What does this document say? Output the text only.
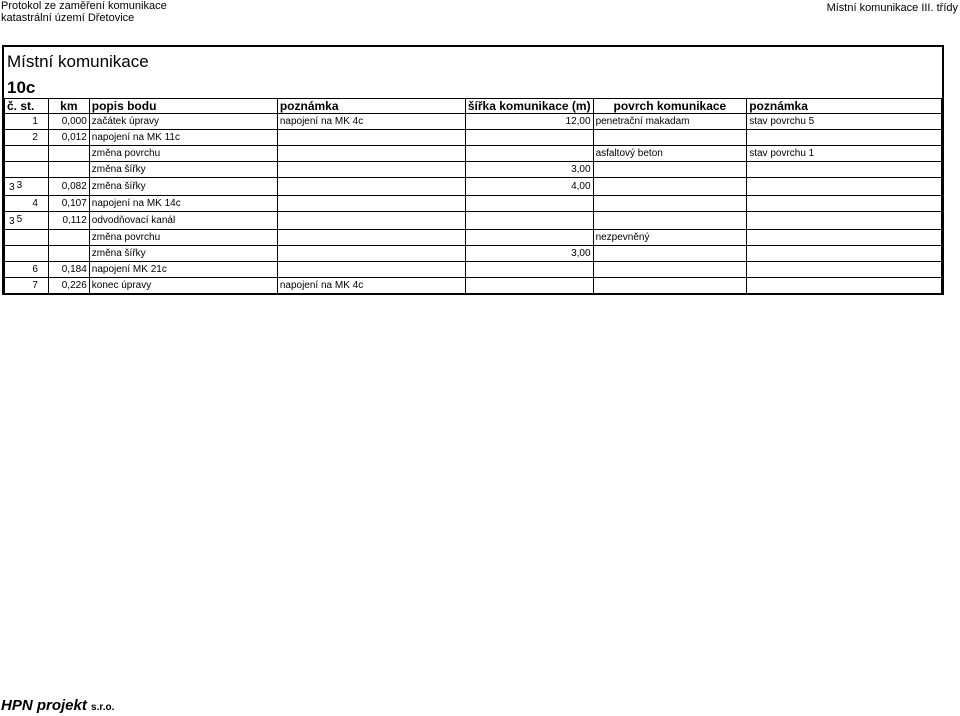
Protokol ze zaměření komunikace
katastrální území Dřetovice
Místní komunikace III. třídy
Místní komunikace
10c
č. st.	km	popis bodu	poznámka	šířka komunikace (m)	povrch komunikace	poznámka
1	0,000	začátek úpravy	napojení na MK 4c	12,00	penetrační makadam	stav povrchu 5
2	0,012	napojení na MK 11c				
		změna povrchu			asfaltový beton	stav povrchu 1
		změna šířky		3,00		
3 3	0,082	změna šířky		4,00		
4	0,107	napojení na MK 14c				
3 5	0,112	odvodňovací kanál				
		změna povrchu			nezpevněný	
		změna šířky		3,00		
6	0,184	napojení MK 21c				
7	0,226	konec úpravy	napojení na MK 4c			
HPN projekt s.r.o.
